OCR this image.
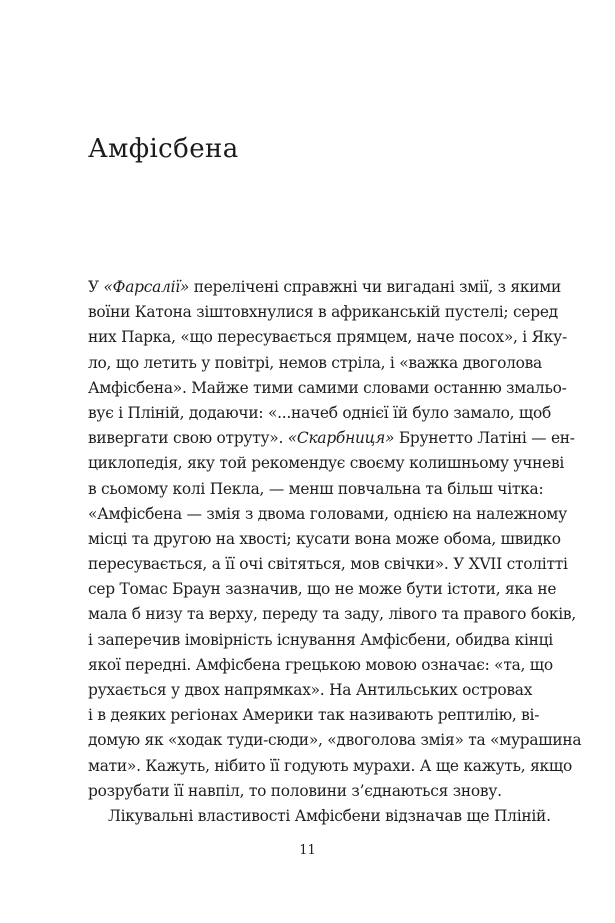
Амфісбена
У «Фарсалії» перелічені справжні чи вигадані змії, з якими
воїни Катона зіштовхнулися в африканській пустелі; серед
них Парка, «що пересувається прямцем, наче посох», і Яку-
ло, що летить у повітрі, немов стріла, і «важка двоголова
Амфісбена». Майже тими самими словами останню змальо-
вує і Пліній, додаючи: «...начеб однієї їй було замало, щоб
вивергати свою отруту». «Скарбниця» Брунетто Латіні — ен-
циклопедія, яку той рекомендує своєму колишньому учневі
в сьомому колі Пекла, — менш повчальна та більш чітка:
«Амфісбена — змія з двома головами, однією на належному
місці та другою на хвості; кусати вона може обома, швидко
пересувається, а її очі світяться, мов свічки». У XVII столітті
сер Томас Браун зазначив, що не може бути істоти, яка не
мала б низу та верху, переду та заду, лівого та правого боків,
і заперечив імовірність існування Амфісбени, обидва кінці
якої передні. Амфісбена грецькою мовою означає: «та, що
рухається у двох напрямках». На Антильських островах
і в деяких регіонах Америки так називають рептилію, ві-
домую як «ходак туди-сюди», «двоголова змія» та «мурашина
мати». Кажуть, нібито її годують мурахи. А ще кажуть, якщо
розрубати її навпіл, то половини з’єднаються знову.
Лікувальні властивості Амфісбени відзначав ще Пліній.
11
